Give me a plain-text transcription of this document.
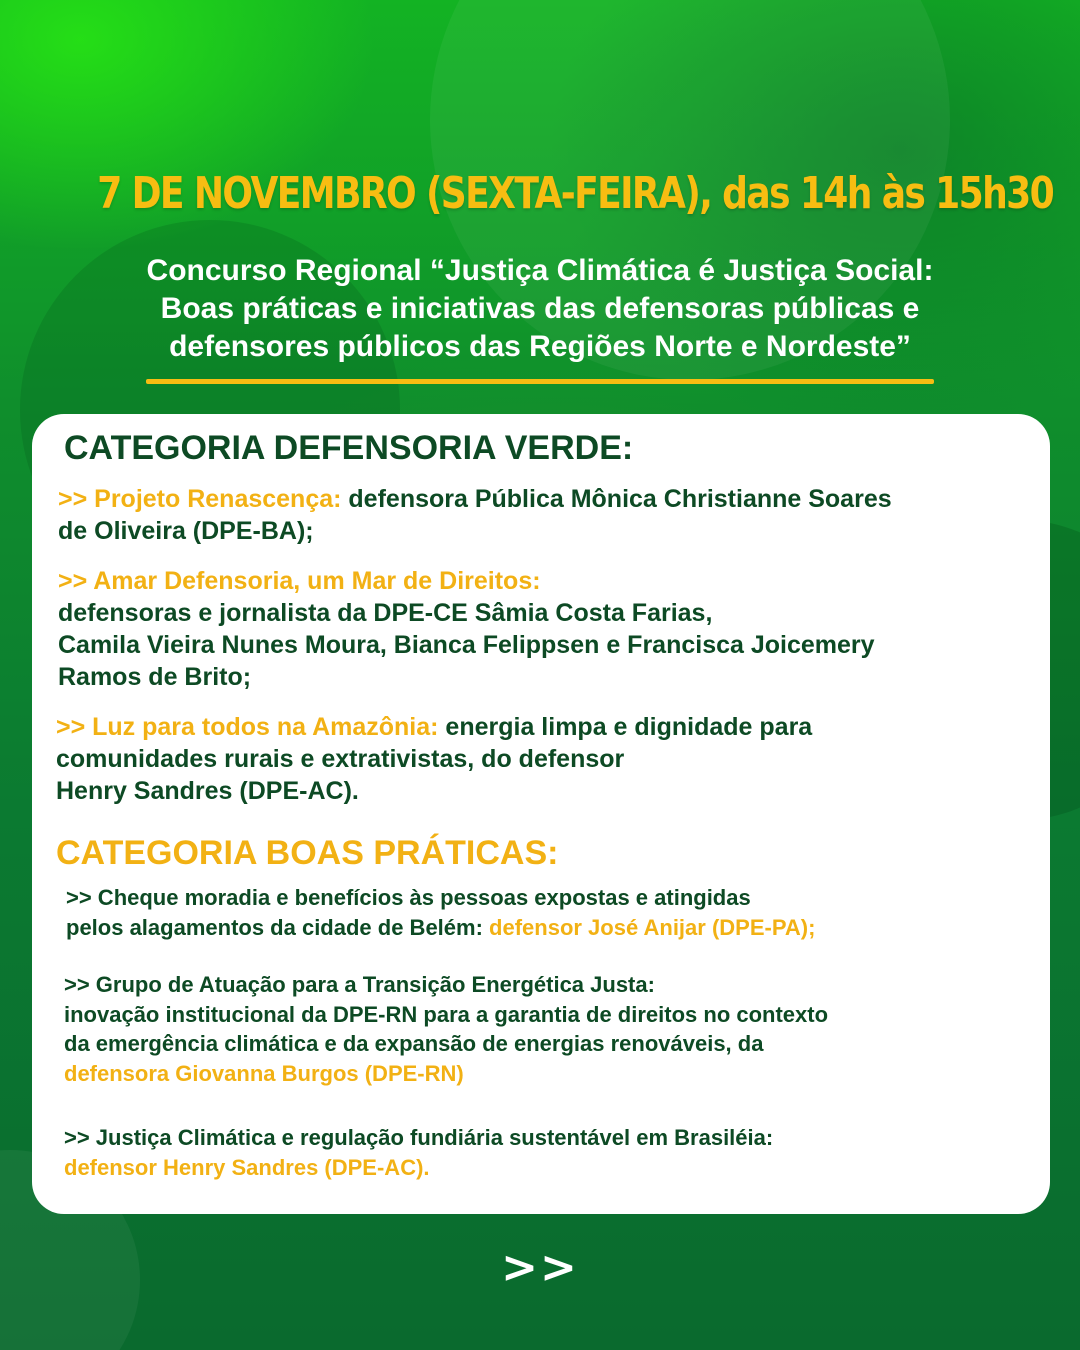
7 DE NOVEMBRO (SEXTA-FEIRA), das 14h às 15h30
Concurso Regional “Justiça Climática é Justiça Social:
Boas práticas e iniciativas das defensoras públicas e
defensores públicos das Regiões Norte e Nordeste”
CATEGORIA DEFENSORIA VERDE:
>> Projeto Renascença: defensora Pública Mônica Christianne Soares
de Oliveira (DPE-BA);
>> Amar Defensoria, um Mar de Direitos:
defensoras e jornalista da DPE-CE Sâmia Costa Farias,
Camila Vieira Nunes Moura, Bianca Felippsen e Francisca Joicemery
Ramos de Brito;
>> Luz para todos na Amazônia: energia limpa e dignidade para
comunidades rurais e extrativistas, do defensor
Henry Sandres (DPE-AC).
CATEGORIA BOAS PRÁTICAS:
>> Cheque moradia e benefícios às pessoas expostas e atingidas
pelos alagamentos da cidade de Belém: defensor José Anijar (DPE-PA);
>> Grupo de Atuação para a Transição Energética Justa:
inovação institucional da DPE-RN para a garantia de direitos no contexto
da emergência climática e da expansão de energias renováveis, da
defensora Giovanna Burgos (DPE-RN)
>> Justiça Climática e regulação fundiária sustentável em Brasiléia:
defensor Henry Sandres (DPE-AC).
>>
